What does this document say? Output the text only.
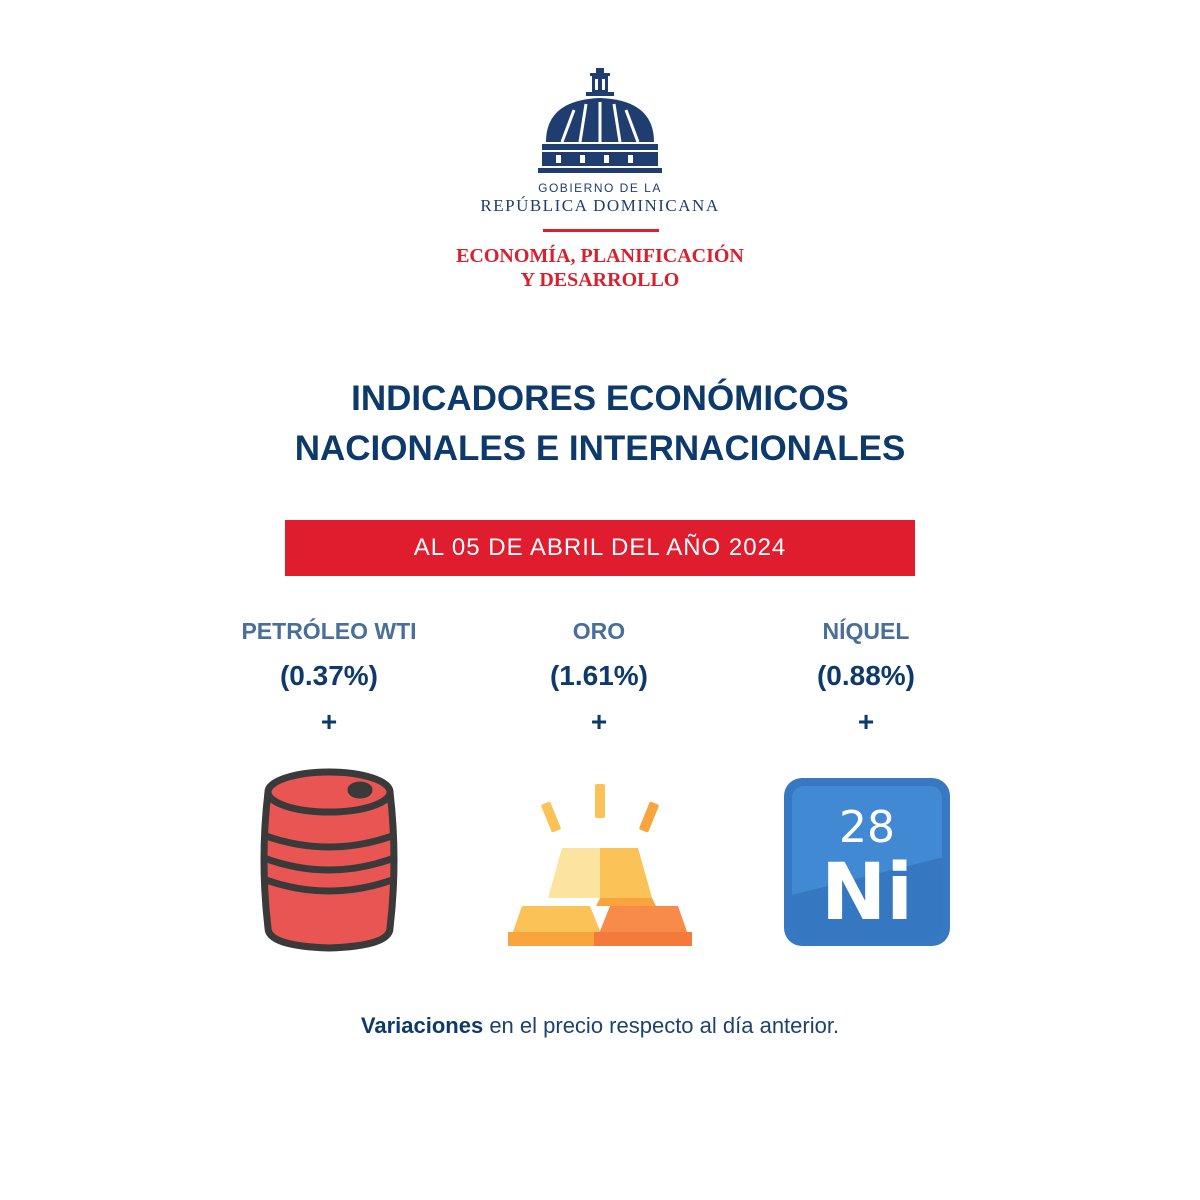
GOBIERNO DE LA
REPÚBLICA DOMINICANA
ECONOMÍA, PLANIFICACIÓN
Y DESARROLLO
INDICADORES ECONÓMICOS
NACIONALES E INTERNACIONALES
AL 05 DE ABRIL DEL AÑO 2024
PETRÓLEO WTI
(0.37%)
+
ORO
(1.61%)
+
NÍQUEL
(0.88%)
+
28
Ni
Variaciones en el precio respecto al día anterior.
